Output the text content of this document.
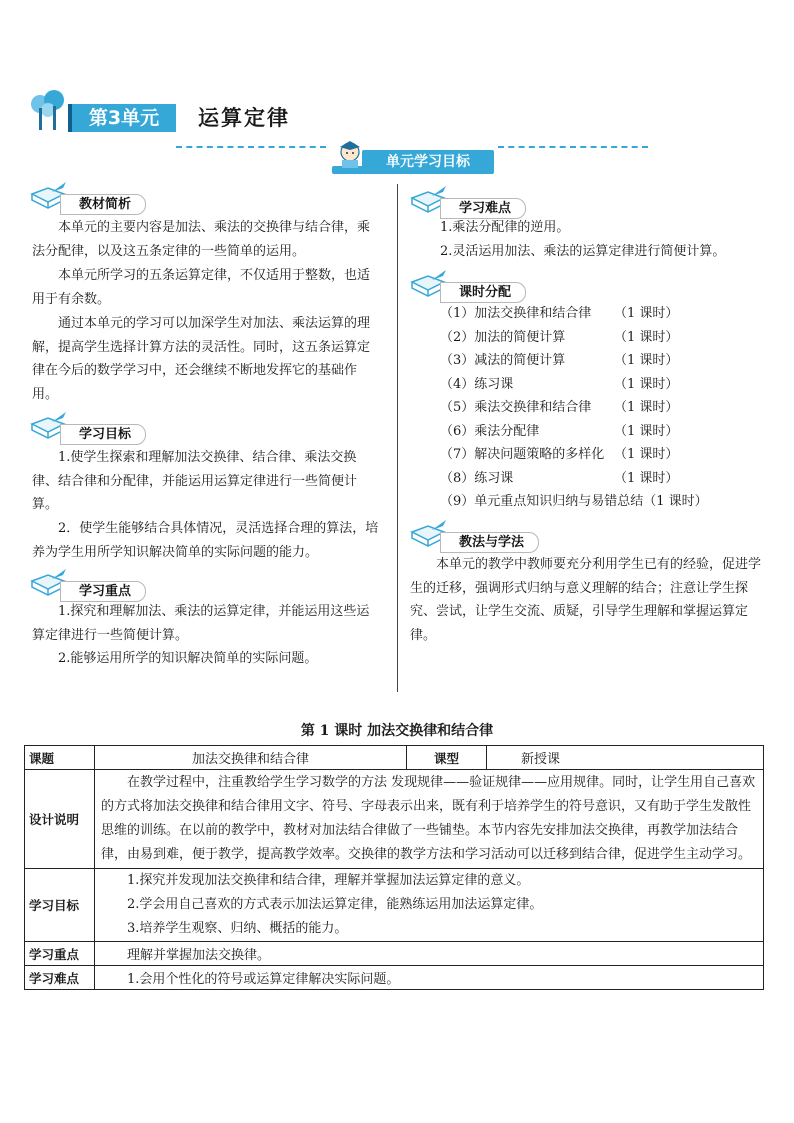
第3单元	运算定律
单元学习目标
教材简析
本单元的主要内容是加法、乘法的交换律与结合律，乘法分配律，以及这五条定律的一些简单的运用。
本单元所学习的五条运算定律，不仅适用于整数，也适用于有余数。
通过本单元的学习可以加深学生对加法、乘法运算的理解，提高学生选择计算方法的灵活性。同时，这五条运算定律在今后的数学学习中，还会继续不断地发挥它的基础作用。
学习目标
1.使学生探索和理解加法交换律、结合律、乘法交换律、结合律和分配律，并能运用运算定律进行一些简便计算。
2．使学生能够结合具体情况，灵活选择合理的算法，培养为学生用所学知识解决简单的实际问题的能力。
学习重点
1.探究和理解加法、乘法的运算定律，并能运用这些运算定律进行一些简便计算。
2.能够运用所学的知识解决简单的实际问题。
学习难点
1.乘法分配律的逆用。
2.灵活运用加法、乘法的运算定律进行简便计算。
课时分配
（1）加法交换律和结合律 （1 课时）
（2）加法的简便计算	（1 课时）
（3）减法的简便计算	（1 课时）
（4）练习课	（1 课时）
（5）乘法交换律和结合律 （1 课时）
（6）乘法分配律	（1 课时）
（7）解决问题策略的多样化 （1 课时）
（8）练习课	（1 课时）
（9）单元重点知识归纳与易错总结（1 课时）
教法与学法
本单元的教学中教师要充分利用学生已有的经验，促进学生的迁移，强调形式归纳与意义理解的结合；注意让学生探究、尝试，让学生交流、质疑，引导学生理解和掌握运算定律。
第 1 课时 加法交换律和结合律
课题	加法交换律和结合律	课型	新授课
设计说明	在教学过程中，注重教给学生学习数学的方法 发现规律——验证规律——应用规律。同时，让学生用自己喜欢的方式将加法交换律和结合律用文字、符号、字母表示出来，既有利于培养学生的符号意识，又有助于学生发散性思维的训练。在以前的教学中，教材对加法结合律做了一些铺垫。本节内容先安排加法交换律，再教学加法结合律，由易到难，便于教学，提高教学效率。交换律的教学方法和学习活动可以迁移到结合律，促进学生主动学习。		
学习目标	1.探究并发现加法交换律和结合律，理解并掌握加法运算定律的意义。
2.学会用自己喜欢的方式表示加法运算定律，能熟练运用加法运算定律。
3.培养学生观察、归纳、概括的能力。		

学习重点	理解并掌握加法交换律。		
学习难点	1.会用个性化的符号或运算定律解决实际问题。		
